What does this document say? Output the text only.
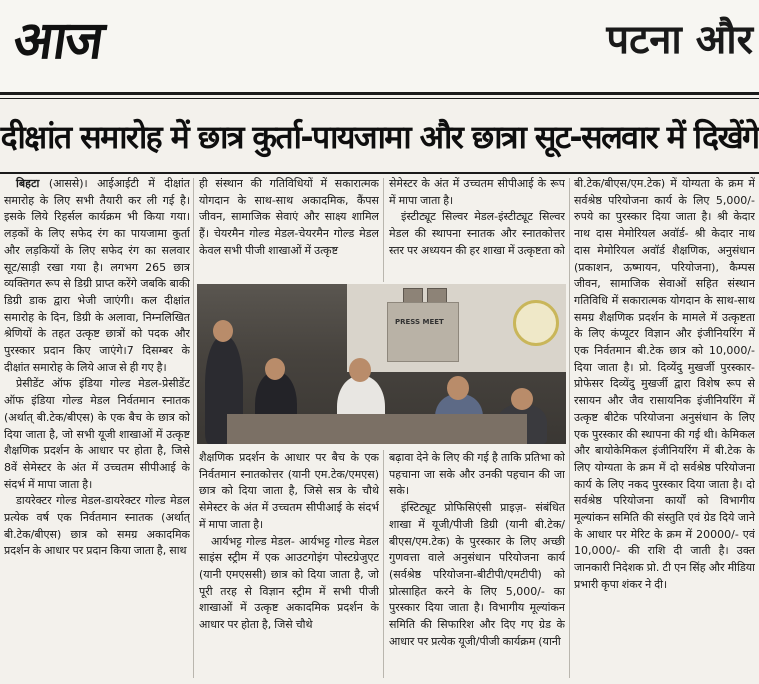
आज	पटना और
दीक्षांत समारोह में छात्र कुर्ता-पायजामा और छात्रा सूट-सलवार में दिखेंगे

बिहटा (आससे)। आईआईटी में दीक्षांत समारोह के लिए सभी तैयारी कर ली गई है। इसके लिये रिहर्सल कार्यक्रम भी किया गया। लड़कों के लिए सफेद रंग का पायजामा कुर्ता और लड़कियों के लिए सफेद रंग का सलवार सूट/साड़ी रखा गया है। लगभग 265 छात्र व्यक्तिगत रूप से डिग्री प्राप्त करेंगे जबकि बाकी डिग्री डाक द्वारा भेजी जाएंगी। कल दीक्षांत समारोह के दिन, डिग्री के अलावा, निम्नलिखित श्रेणियों के तहत उत्कृष्ट छात्रों को पदक और पुरस्कार प्रदान किए जाएंगे।7 दिसम्बर के दीक्षांत समारोह के लिये आज से ही गए है।

प्रेसीडेंट ऑफ इंडिया गोल्ड मेडल-प्रेसीडेंट ऑफ इंडिया गोल्ड मेडल निर्वतमान स्नातक (अर्थात् बी.टेक/बीएस) के एक बैच के छात्र को दिया जाता है, जो सभी यूजी शाखाओं में उत्कृष्ट शैक्षणिक प्रदर्शन के आधार पर होता है, जिसे 8वें सेमेस्टर के अंत में उच्चतम सीपीआई के संदर्भ में मापा जाता है।

डायरेक्टर गोल्ड मेडल-डायरेक्टर गोल्ड मेडल प्रत्येक वर्ष एक निर्वतमान स्नातक (अर्थात् बी.टेक/बीएस) छात्र को समग्र अकादमिक प्रदर्शन के आधार पर प्रदान किया जाता है, साथ

ही संस्थान की गतिविधियों में सकारात्मक योगदान के साथ-साथ अकादमिक, कैंपस जीवन, सामाजिक सेवाएं और साक्ष्य शामिल हैं। चेयरमैन गोल्ड मेडल-चेयरमैन गोल्ड मेडल केवल सभी पीजी शाखाओं में उत्कृष्ट

सेमेस्टर के अंत में उच्चतम सीपीआई के रूप में मापा जाता है।

इंस्टीट्यूट सिल्वर मेडल-इंस्टीट्यूट सिल्वर मेडल की स्थापना स्नातक और स्नातकोत्तर स्तर पर अध्ययन की हर शाखा में उत्कृष्टता को

PRESS MEET

शैक्षणिक प्रदर्शन के आधार पर बैच के एक निर्वतमान स्नातकोत्तर (यानी एम.टेक/एमएस) छात्र को दिया जाता है, जिसे सत्र के चौथे सेमेस्टर के अंत में उच्चतम सीपीआई के संदर्भ में मापा जाता है।

आर्यभट्ट गोल्ड मेडल- आर्यभट्ट गोल्ड मेडल साइंस स्ट्रीम में एक आउटगोइंग पोस्टग्रेजुएट (यानी एमएससी) छात्र को दिया जाता है, जो पूरी तरह से विज्ञान स्ट्रीम में सभी पीजी शाखाओं में उत्कृष्ट अकादमिक प्रदर्शन के आधार पर होता है, जिसे चौथे

बढ़ावा देने के लिए की गई है ताकि प्रतिभा को पहचाना जा सके और उनकी पहचान की जा सके।

इंस्टिट्यूट प्रोफिसिएंसी प्राइज़- संबंधित शाखा में यूजी/पीजी डिग्री (यानी बी.टेक/बीएस/एम.टेक) के पुरस्कार के लिए अच्छी गुणवत्ता वाले अनुसंधान परियोजना कार्य (सर्वश्रेष्ठ परियोजना-बीटीपी/एमटीपी) को प्रोत्साहित करने के लिए 5,000/- का पुरस्कार दिया जाता है। विभागीय मूल्यांकन समिति की सिफारिश और दिए गए ग्रेड के आधार पर प्रत्येक यूजी/पीजी कार्यक्रम (यानी

बी.टेक/बीएस/एम.टेक) में योग्यता के क्रम में सर्वश्रेष्ठ परियोजना कार्य के लिए 5,000/- रुपये का पुरस्कार दिया जाता है। श्री केदार नाथ दास मेमोरियल अवॉर्ड- श्री केदार नाथ दास मेमोरियल अवॉर्ड शैक्षणिक, अनुसंधान (प्रकाशन, ऊष्मायन, परियोजना), कैम्पस जीवन, सामाजिक सेवाओं सहित संस्थान गतिविधि में सकारात्मक योगदान के साथ-साथ समग्र शैक्षणिक प्रदर्शन के मामले में उत्कृष्टता के लिए कंप्यूटर विज्ञान और इंजीनियरिंग में एक निर्वतमान बी.टेक छात्र को 10,000/- दिया जाता है। प्रो. दिव्येंदु मुखर्जी पुरस्कार- प्रोफेसर दिव्येंदु मुखर्जी द्वारा विशेष रूप से रसायन और जैव रासायनिक इंजीनियरिंग में उत्कृष्ट बीटेक परियोजना अनुसंधान के लिए एक पुरस्कार की स्थापना की गई थी। केमिकल और बायोकेमिकल इंजीनियरिंग में बी.टेक के लिए योग्यता के क्रम में दो सर्वश्रेष्ठ परियोजना कार्य के लिए नकद पुरस्कार दिया जाता है। दो सर्वश्रेष्ठ परियोजना कार्यों को विभागीय मूल्यांकन समिति की संस्तुति एवं ग्रेड दिये जाने के आधार पर मेरिट के क्रम में 20000/- एवं 10,000/- की राशि दी जाती है। उक्त जानकारी निदेशक प्रो. टी एन सिंह और मीडिया प्रभारी कृपा शंकर ने दी।
